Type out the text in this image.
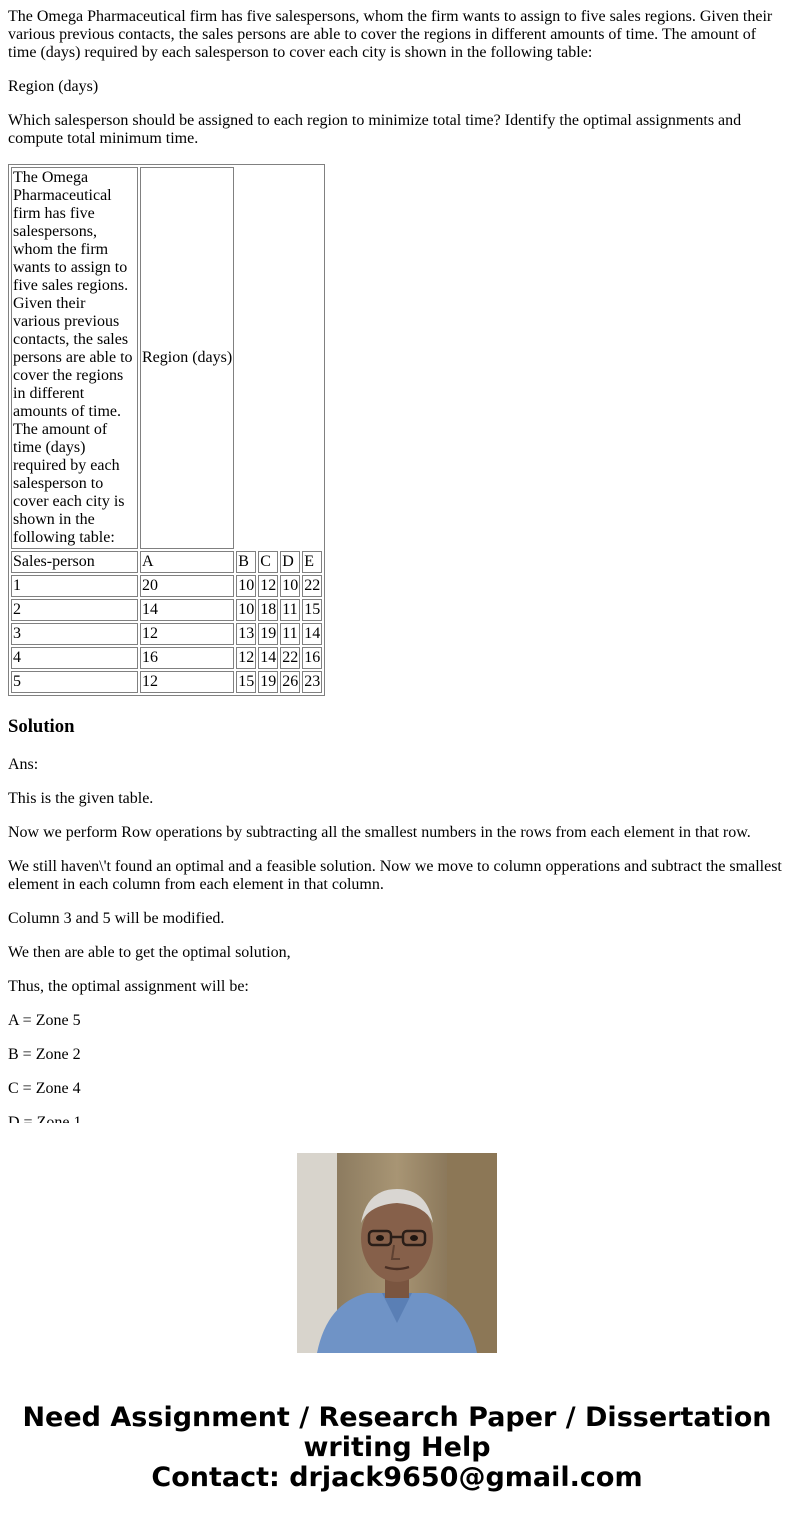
The Omega Pharmaceutical firm has five salespersons, whom the firm wants to assign to five sales regions. Given their various previous contacts, the sales persons are able to cover the regions in different amounts of time. The amount of time (days) required by each salesperson to cover each city is shown in the following table:

Region (days)

Which salesperson should be assigned to each region to minimize total time? Identify the optimal assignments and compute total minimum time.

The Omega Pharmaceutical firm has five salespersons, whom the firm wants to assign to five sales regions. Given their various previous contacts, the sales persons are able to cover the regions in different amounts of time. The amount of time (days) required by each salesperson to cover each city is shown in the following table:	Region (days)				
Sales-person	A	B	C	D	E
1	20	10	12	10	22
2	14	10	18	11	15
3	12	13	19	11	14
4	16	12	14	22	16
5	12	15	19	26	23
Solution

Ans:

This is the given table.

Now we perform Row operations by subtracting all the smallest numbers in the rows from each element in that row.

We still haven\'t found an optimal and a feasible solution. Now we move to column opperations and subtract the smallest element in each column from each element in that column.

Column 3 and 5 will be modified.

We then are able to get the optimal solution,

Thus, the optimal assignment will be:

A = Zone 5

B = Zone 2

C = Zone 4

Need Assignment / Research Paper / Dissertation
writing Help
Contact: drjack9650@gmail.com
